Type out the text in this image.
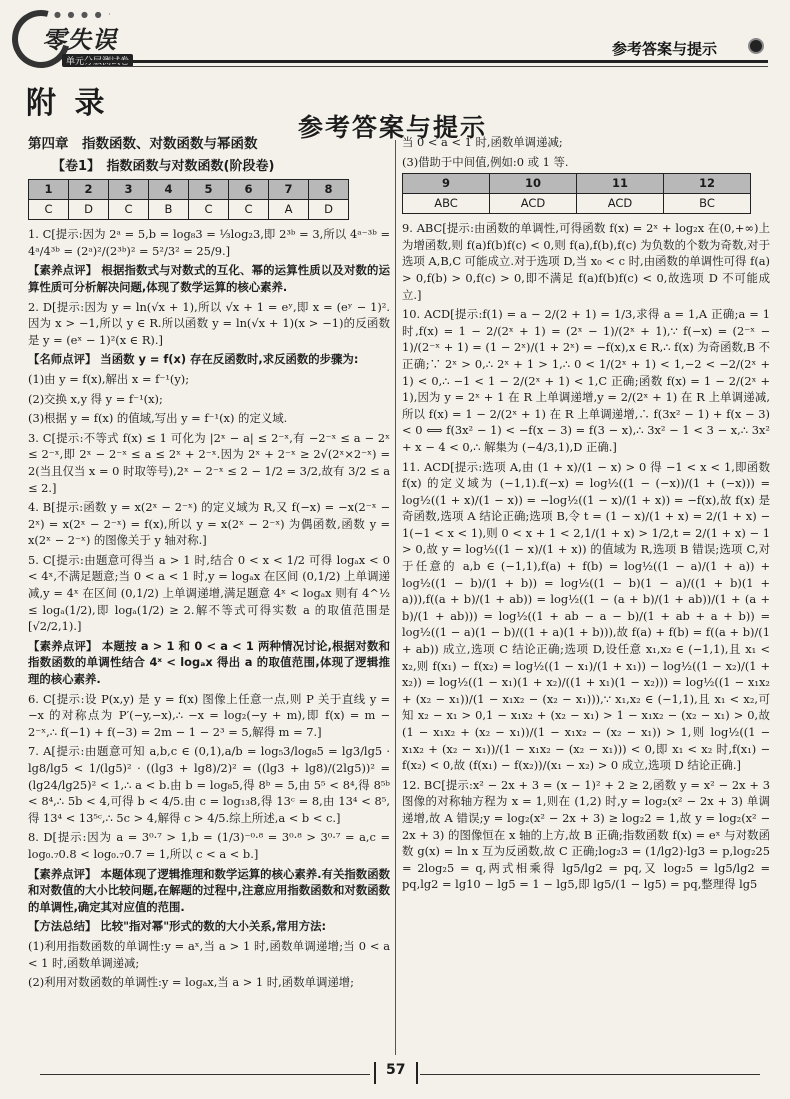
● ● ● ● ·
零失误
单元分层测试卷
参考答案与提示
附 录
参考答案与提示
第四章　指数函数、对数函数与幂函数
【卷1】　指数函数与对数函数(阶段卷)
1	2	3	4	5	6	7	8
C	D	C	B	C	C	A	D

1. C[提示:因为 2ᵃ = 5,b = log₈3 = ⅓log₂3,即 2³ᵇ = 3,所以 4ᵃ⁻³ᵇ = 4ᵃ/4³ᵇ = (2ᵃ)²/(2³ᵇ)² = 5²/3² = 25/9.]

【素养点评】 根据指数式与对数式的互化、幂的运算性质以及对数的运算性质可分析解决问题,体现了数学运算的核心素养.

2. D[提示:因为 y = ln(√x + 1),所以 √x + 1 = eʸ,即 x = (eʸ − 1)².因为 x > −1,所以 y ∈ R.所以函数 y = ln(√x + 1)(x > −1)的反函数是 y = (eˣ − 1)²(x ∈ R).]

【名师点评】 当函数 y = f(x) 存在反函数时,求反函数的步骤为:

(1)由 y = f(x),解出 x = f⁻¹(y);

(2)交换 x,y 得 y = f⁻¹(x);

(3)根据 y = f(x) 的值域,写出 y = f⁻¹(x) 的定义域.

3. C[提示:不等式 f(x) ≤ 1 可化为 |2ˣ − a| ≤ 2⁻ˣ,有 −2⁻ˣ ≤ a − 2ˣ ≤ 2⁻ˣ,即 2ˣ − 2⁻ˣ ≤ a ≤ 2ˣ + 2⁻ˣ.因为 2ˣ + 2⁻ˣ ≥ 2√(2ˣ×2⁻ˣ) = 2(当且仅当 x = 0 时取等号),2ˣ − 2⁻ˣ ≤ 2 − 1/2 = 3/2,故有 3/2 ≤ a ≤ 2.]

4. B[提示:函数 y = x(2ˣ − 2⁻ˣ) 的定义域为 R,又 f(−x) = −x(2⁻ˣ − 2ˣ) = x(2ˣ − 2⁻ˣ) = f(x),所以 y = x(2ˣ − 2⁻ˣ) 为偶函数,函数 y = x(2ˣ − 2⁻ˣ) 的图像关于 y 轴对称.]

5. C[提示:由题意可得当 a > 1 时,结合 0 < x < 1/2 可得 logₐx < 0 < 4ˣ,不满足题意;当 0 < a < 1 时,y = logₐx 在区间 (0,1/2) 上单调递减,y = 4ˣ 在区间 (0,1/2) 上单调递增,满足题意 4ˣ < logₐx 则有 4^½ ≤ logₐ(1/2),即 logₐ(1/2) ≥ 2.解不等式可得实数 a 的取值范围是 [√2/2,1).]

【素养点评】 本题按 a > 1 和 0 < a < 1 两种情况讨论,根据对数和指数函数的单调性结合 4ˣ < logₐx 得出 a 的取值范围,体现了逻辑推理的核心素养.

6. C[提示:设 P(x,y) 是 y = f(x) 图像上任意一点,则 P 关于直线 y = −x 的对称点为 P′(−y,−x),∴ −x = log₂(−y + m),即 f(x) = m − 2⁻ˣ,∴ f(−1) + f(−3) = 2m − 1 − 2³ = 5,解得 m = 7.]

7. A[提示:由题意可知 a,b,c ∈ (0,1),a/b = log₅3/log₈5 = lg3/lg5 · lg8/lg5 < 1/(lg5)² · ((lg3 + lg8)/2)² = ((lg3 + lg8)/(2lg5))² = (lg24/lg25)² < 1,∴ a < b.由 b = log₈5,得 8ᵇ = 5,由 5⁵ < 8⁴,得 8⁵ᵇ < 8⁴,∴ 5b < 4,可得 b < 4/5.由 c = log₁₃8,得 13ᶜ = 8,由 13⁴ < 8⁵,得 13⁴ < 13⁵ᶜ,∴ 5c > 4,解得 c > 4/5.综上所述,a < b < c.]

8. D[提示:因为 a = 3⁰·⁷ > 1,b = (1/3)⁻⁰·⁸ = 3⁰·⁸ > 3⁰·⁷ = a,c = log₀.₇0.8 < log₀.₇0.7 = 1,所以 c < a < b.]

【素养点评】 本题体现了逻辑推理和数学运算的核心素养.有关指数函数和对数值的大小比较问题,在解题的过程中,注意应用指数函数和对数函数的单调性,确定其对应值的范围.

【方法总结】 比较"指对幂"形式的数的大小关系,常用方法:

(1)利用指数函数的单调性:y = aˣ,当 a > 1 时,函数单调递增;当 0 < a < 1 时,函数单调递减;

(2)利用对数函数的单调性:y = logₐx,当 a > 1 时,函数单调递增;

当 0 < a < 1 时,函数单调递减;

(3)借助于中间值,例如:0 或 1 等.

9	10	11	12
ABC	ACD	ACD	BC

9. ABC[提示:由函数的单调性,可得函数 f(x) = 2ˣ + log₂x 在(0,+∞)上为增函数,则 f(a)f(b)f(c) < 0,则 f(a),f(b),f(c) 为负数的个数为奇数,对于选项 A,B,C 可能成立.对于选项 D,当 x₀ < c 时,由函数的单调性可得 f(a) > 0,f(b) > 0,f(c) > 0,即不满足 f(a)f(b)f(c) < 0,故选项 D 不可能成立.]

10. ACD[提示:f(1) = a − 2/(2 + 1) = 1/3,求得 a = 1,A 正确;a = 1 时,f(x) = 1 − 2/(2ˣ + 1) = (2ˣ − 1)/(2ˣ + 1),∵ f(−x) = (2⁻ˣ − 1)/(2⁻ˣ + 1) = (1 − 2ˣ)/(1 + 2ˣ) = −f(x),x ∈ R,∴ f(x) 为奇函数,B 不正确;∵ 2ˣ > 0,∴ 2ˣ + 1 > 1,∴ 0 < 1/(2ˣ + 1) < 1,−2 < −2/(2ˣ + 1) < 0,∴ −1 < 1 − 2/(2ˣ + 1) < 1,C 正确;函数 f(x) = 1 − 2/(2ˣ + 1),因为 y = 2ˣ + 1 在 R 上单调递增,y = 2/(2ˣ + 1) 在 R 上单调递减,所以 f(x) = 1 − 2/(2ˣ + 1) 在 R 上单调递增,∴ f(3x² − 1) + f(x − 3) < 0 ⟺ f(3x² − 1) < −f(x − 3) = f(3 − x),∴ 3x² − 1 < 3 − x,∴ 3x² + x − 4 < 0,∴ 解集为 (−4/3,1),D 正确.]

11. ACD[提示:选项 A,由 (1 + x)/(1 − x) > 0 得 −1 < x < 1,即函数 f(x) 的定义域为 (−1,1).f(−x) = log½((1 − (−x))/(1 + (−x))) = log½((1 + x)/(1 − x)) = −log½((1 − x)/(1 + x)) = −f(x),故 f(x) 是奇函数,选项 A 结论正确;选项 B,令 t = (1 − x)/(1 + x) = 2/(1 + x) − 1(−1 < x < 1),则 0 < x + 1 < 2,1/(1 + x) > 1/2,t = 2/(1 + x) − 1 > 0,故 y = log½((1 − x)/(1 + x)) 的值域为 R,选项 B 错误;选项 C,对于任意的 a,b ∈ (−1,1),f(a) + f(b) = log½((1 − a)/(1 + a)) + log½((1 − b)/(1 + b)) = log½((1 − b)(1 − a)/((1 + b)(1 + a))),f((a + b)/(1 + ab)) = log½((1 − (a + b)/(1 + ab))/(1 + (a + b)/(1 + ab))) = log½((1 + ab − a − b)/(1 + ab + a + b)) = log½((1 − a)(1 − b)/((1 + a)(1 + b))),故 f(a) + f(b) = f((a + b)/(1 + ab)) 成立,选项 C 结论正确;选项 D,设任意 x₁,x₂ ∈ (−1,1),且 x₁ < x₂,则 f(x₁) − f(x₂) = log½((1 − x₁)/(1 + x₁)) − log½((1 − x₂)/(1 + x₂)) = log½((1 − x₁)(1 + x₂)/((1 + x₁)(1 − x₂))) = log½((1 − x₁x₂ + (x₂ − x₁))/(1 − x₁x₂ − (x₂ − x₁))),∵ x₁,x₂ ∈ (−1,1),且 x₁ < x₂,可知 x₂ − x₁ > 0,1 − x₁x₂ + (x₂ − x₁) > 1 − x₁x₂ − (x₂ − x₁) > 0,故 (1 − x₁x₂ + (x₂ − x₁))/(1 − x₁x₂ − (x₂ − x₁)) > 1,则 log½((1 − x₁x₂ + (x₂ − x₁))/(1 − x₁x₂ − (x₂ − x₁))) < 0,即 x₁ < x₂ 时,f(x₁) − f(x₂) < 0,故 (f(x₁) − f(x₂))/(x₁ − x₂) > 0 成立,选项 D 结论正确.]

12. BC[提示:x² − 2x + 3 = (x − 1)² + 2 ≥ 2,函数 y = x² − 2x + 3 图像的对称轴方程为 x = 1,则在 (1,2) 时,y = log₂(x² − 2x + 3) 单调递增,故 A 错误;y = log₂(x² − 2x + 3) ≥ log₂2 = 1,故 y = log₂(x² − 2x + 3) 的图像恒在 x 轴的上方,故 B 正确;指数函数 f(x) = eˣ 与对数函数 g(x) = ln x 互为反函数,故 C 正确;log₂3 = (1/lg2)·lg3 = p,log₂25 = 2log₂5 = q,两式相乘得 lg5/lg2 = pq,又 log₂5 = lg5/lg2 = pq,lg2 = lg10 − lg5 = 1 − lg5,即 lg5/(1 − lg5) = pq,整理得 lg5

57
